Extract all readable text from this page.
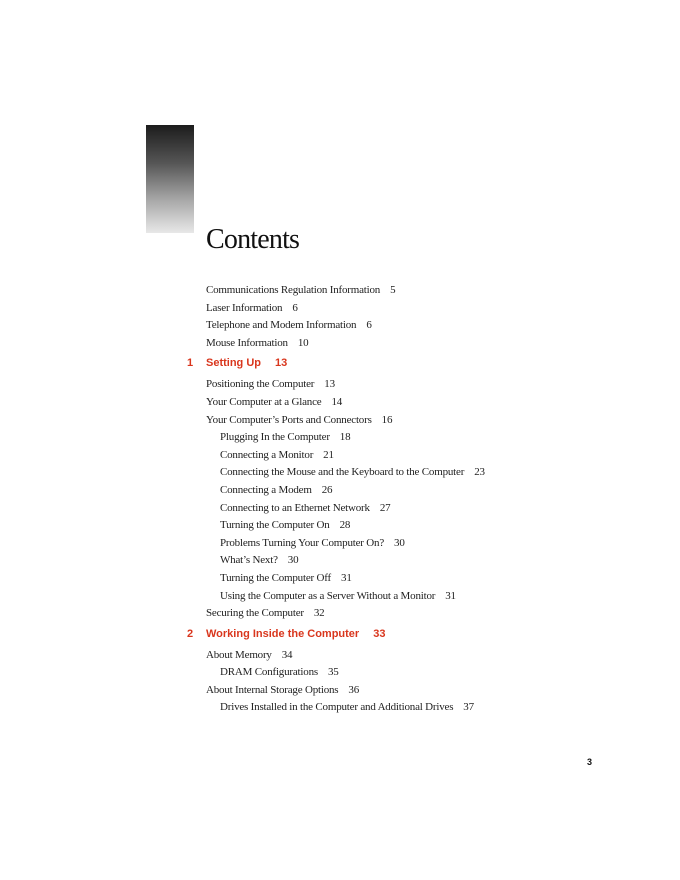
Contents
Communications Regulation Information 5
Laser Information 6
Telephone and Modem Information 6
Mouse Information 10
1 Setting Up 13
Positioning the Computer 13
Your Computer at a Glance 14
Your Computer’s Ports and Connectors 16
Plugging In the Computer 18
Connecting a Monitor 21
Connecting the Mouse and the Keyboard to the Computer 23
Connecting a Modem 26
Connecting to an Ethernet Network 27
Turning the Computer On 28
Problems Turning Your Computer On? 30
What’s Next? 30
Turning the Computer Off 31
Using the Computer as a Server Without a Monitor 31
Securing the Computer 32
2 Working Inside the Computer 33
About Memory 34
DRAM Configurations 35
About Internal Storage Options 36
Drives Installed in the Computer and Additional Drives 37
3
